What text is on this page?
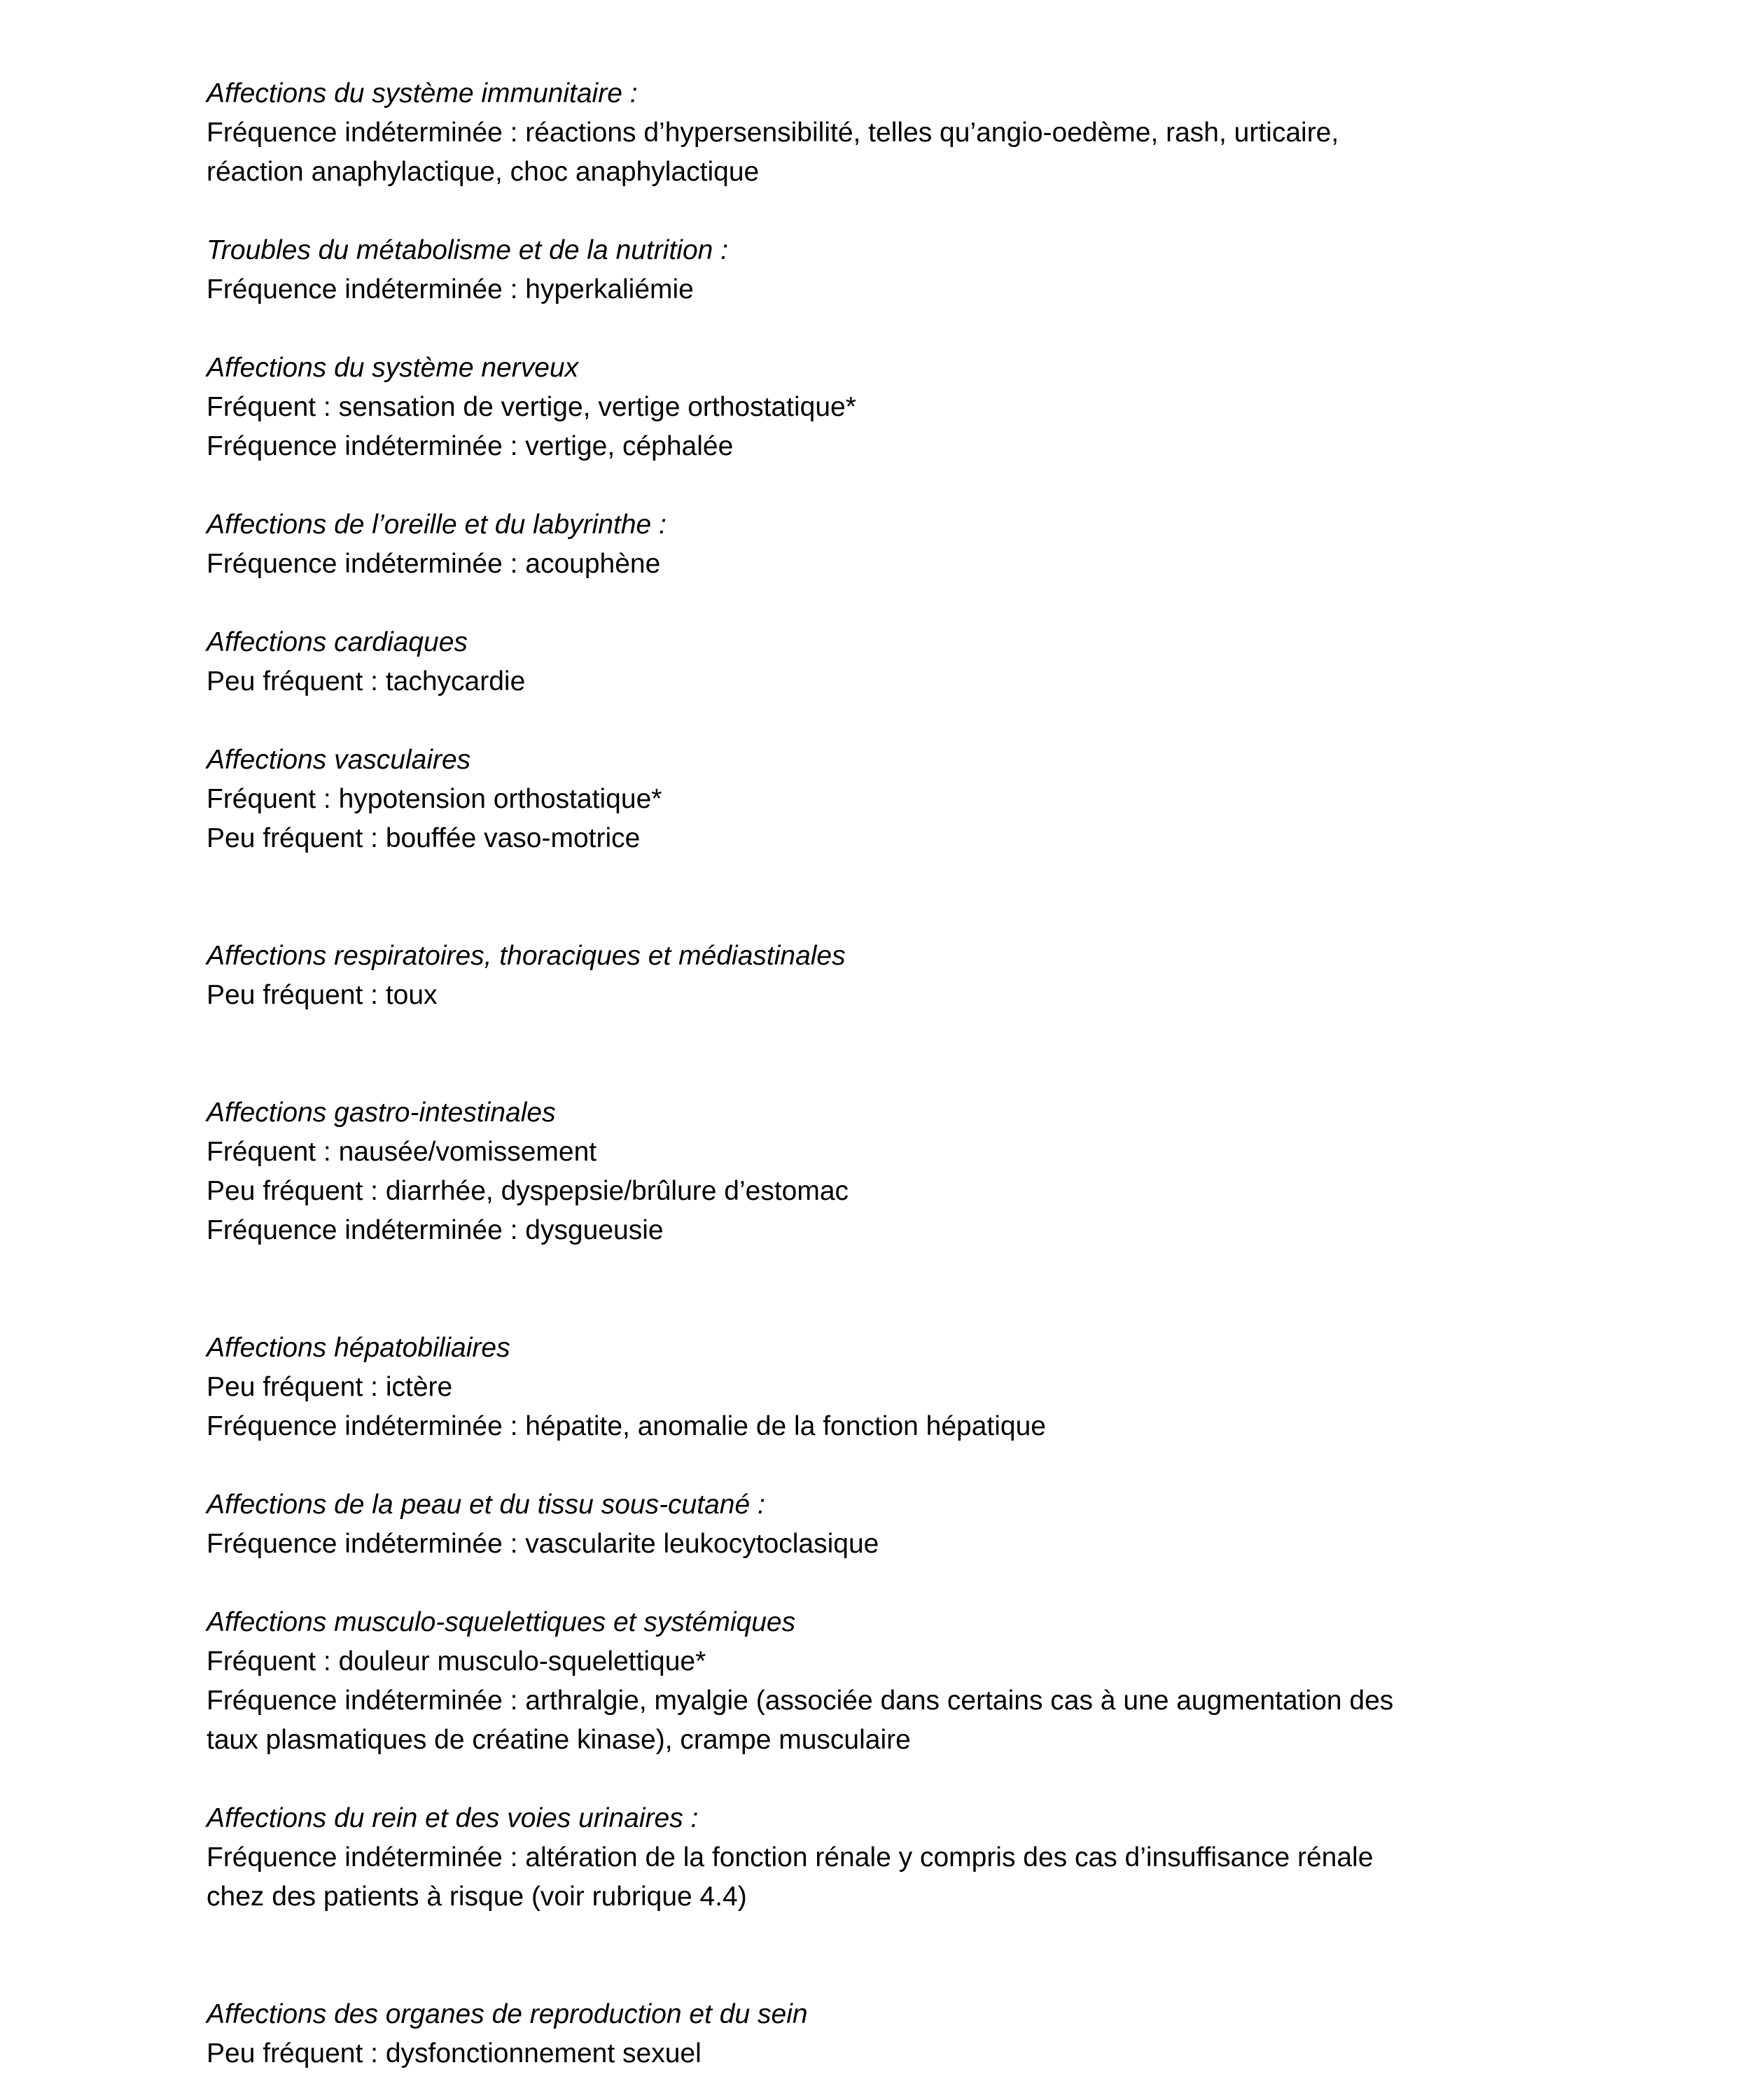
Affections du système immunitaire :
Fréquence indéterminée : réactions d’hypersensibilité, telles qu’angio-oedème, rash, urticaire,
réaction anaphylactique, choc anaphylactique
Troubles du métabolisme et de la nutrition :
Fréquence indéterminée : hyperkaliémie
Affections du système nerveux
Fréquent : sensation de vertige, vertige orthostatique*
Fréquence indéterminée : vertige, céphalée
Affections de l’oreille et du labyrinthe :
Fréquence indéterminée : acouphène
Affections cardiaques
Peu fréquent : tachycardie
Affections vasculaires
Fréquent : hypotension orthostatique*
Peu fréquent : bouffée vaso-motrice
Affections respiratoires, thoraciques et médiastinales
Peu fréquent : toux
Affections gastro-intestinales
Fréquent : nausée/vomissement
Peu fréquent : diarrhée, dyspepsie/brûlure d’estomac
Fréquence indéterminée : dysgueusie
Affections hépatobiliaires
Peu fréquent : ictère
Fréquence indéterminée : hépatite, anomalie de la fonction hépatique
Affections de la peau et du tissu sous-cutané :
Fréquence indéterminée : vascularite leukocytoclasique
Affections musculo-squelettiques et systémiques
Fréquent : douleur musculo-squelettique*
Fréquence indéterminée : arthralgie, myalgie (associée dans certains cas à une augmentation des
taux plasmatiques de créatine kinase), crampe musculaire
Affections du rein et des voies urinaires :
Fréquence indéterminée : altération de la fonction rénale y compris des cas d’insuffisance rénale
chez des patients à risque (voir rubrique 4.4)
Affections des organes de reproduction et du sein
Peu fréquent : dysfonctionnement sexuel
